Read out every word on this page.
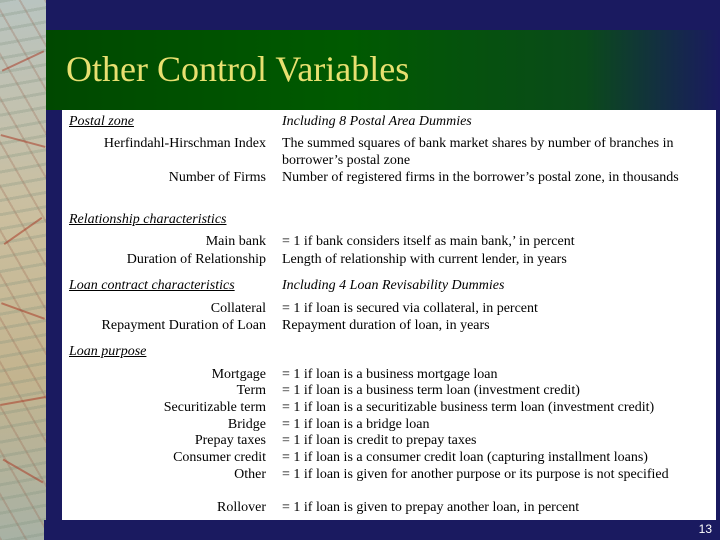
Other Control Variables
Postal zone	Including 8 Postal Area Dummies
Herfindahl-Hirschman Index The summed squares of bank market shares by number of branches in borrower’s postal zone
Number of Firms Number of registered firms in the borrower’s postal zone, in thousands
Relationship characteristics
Main bank = 1 if bank considers itself as main bank,’ in percent
Duration of Relationship Length of relationship with current lender, in years
Loan contract characteristics	Including 4 Loan Revisability Dummies
Collateral = 1 if loan is secured via collateral, in percent
Repayment Duration of Loan Repayment duration of loan, in years
Loan purpose
Mortgage = 1 if loan is a business mortgage loan
Term = 1 if loan is a business term loan (investment credit)
Securitizable term = 1 if loan is a securitizable business term loan (investment credit)
Bridge = 1 if loan is a bridge loan
Prepay taxes = 1 if loan is credit to prepay taxes
Consumer credit = 1 if loan is a consumer credit loan (capturing installment loans)
Other = 1 if loan is given for another purpose or its purpose is not specified
Rollover = 1 if loan is given to prepay another loan, in percent
13
